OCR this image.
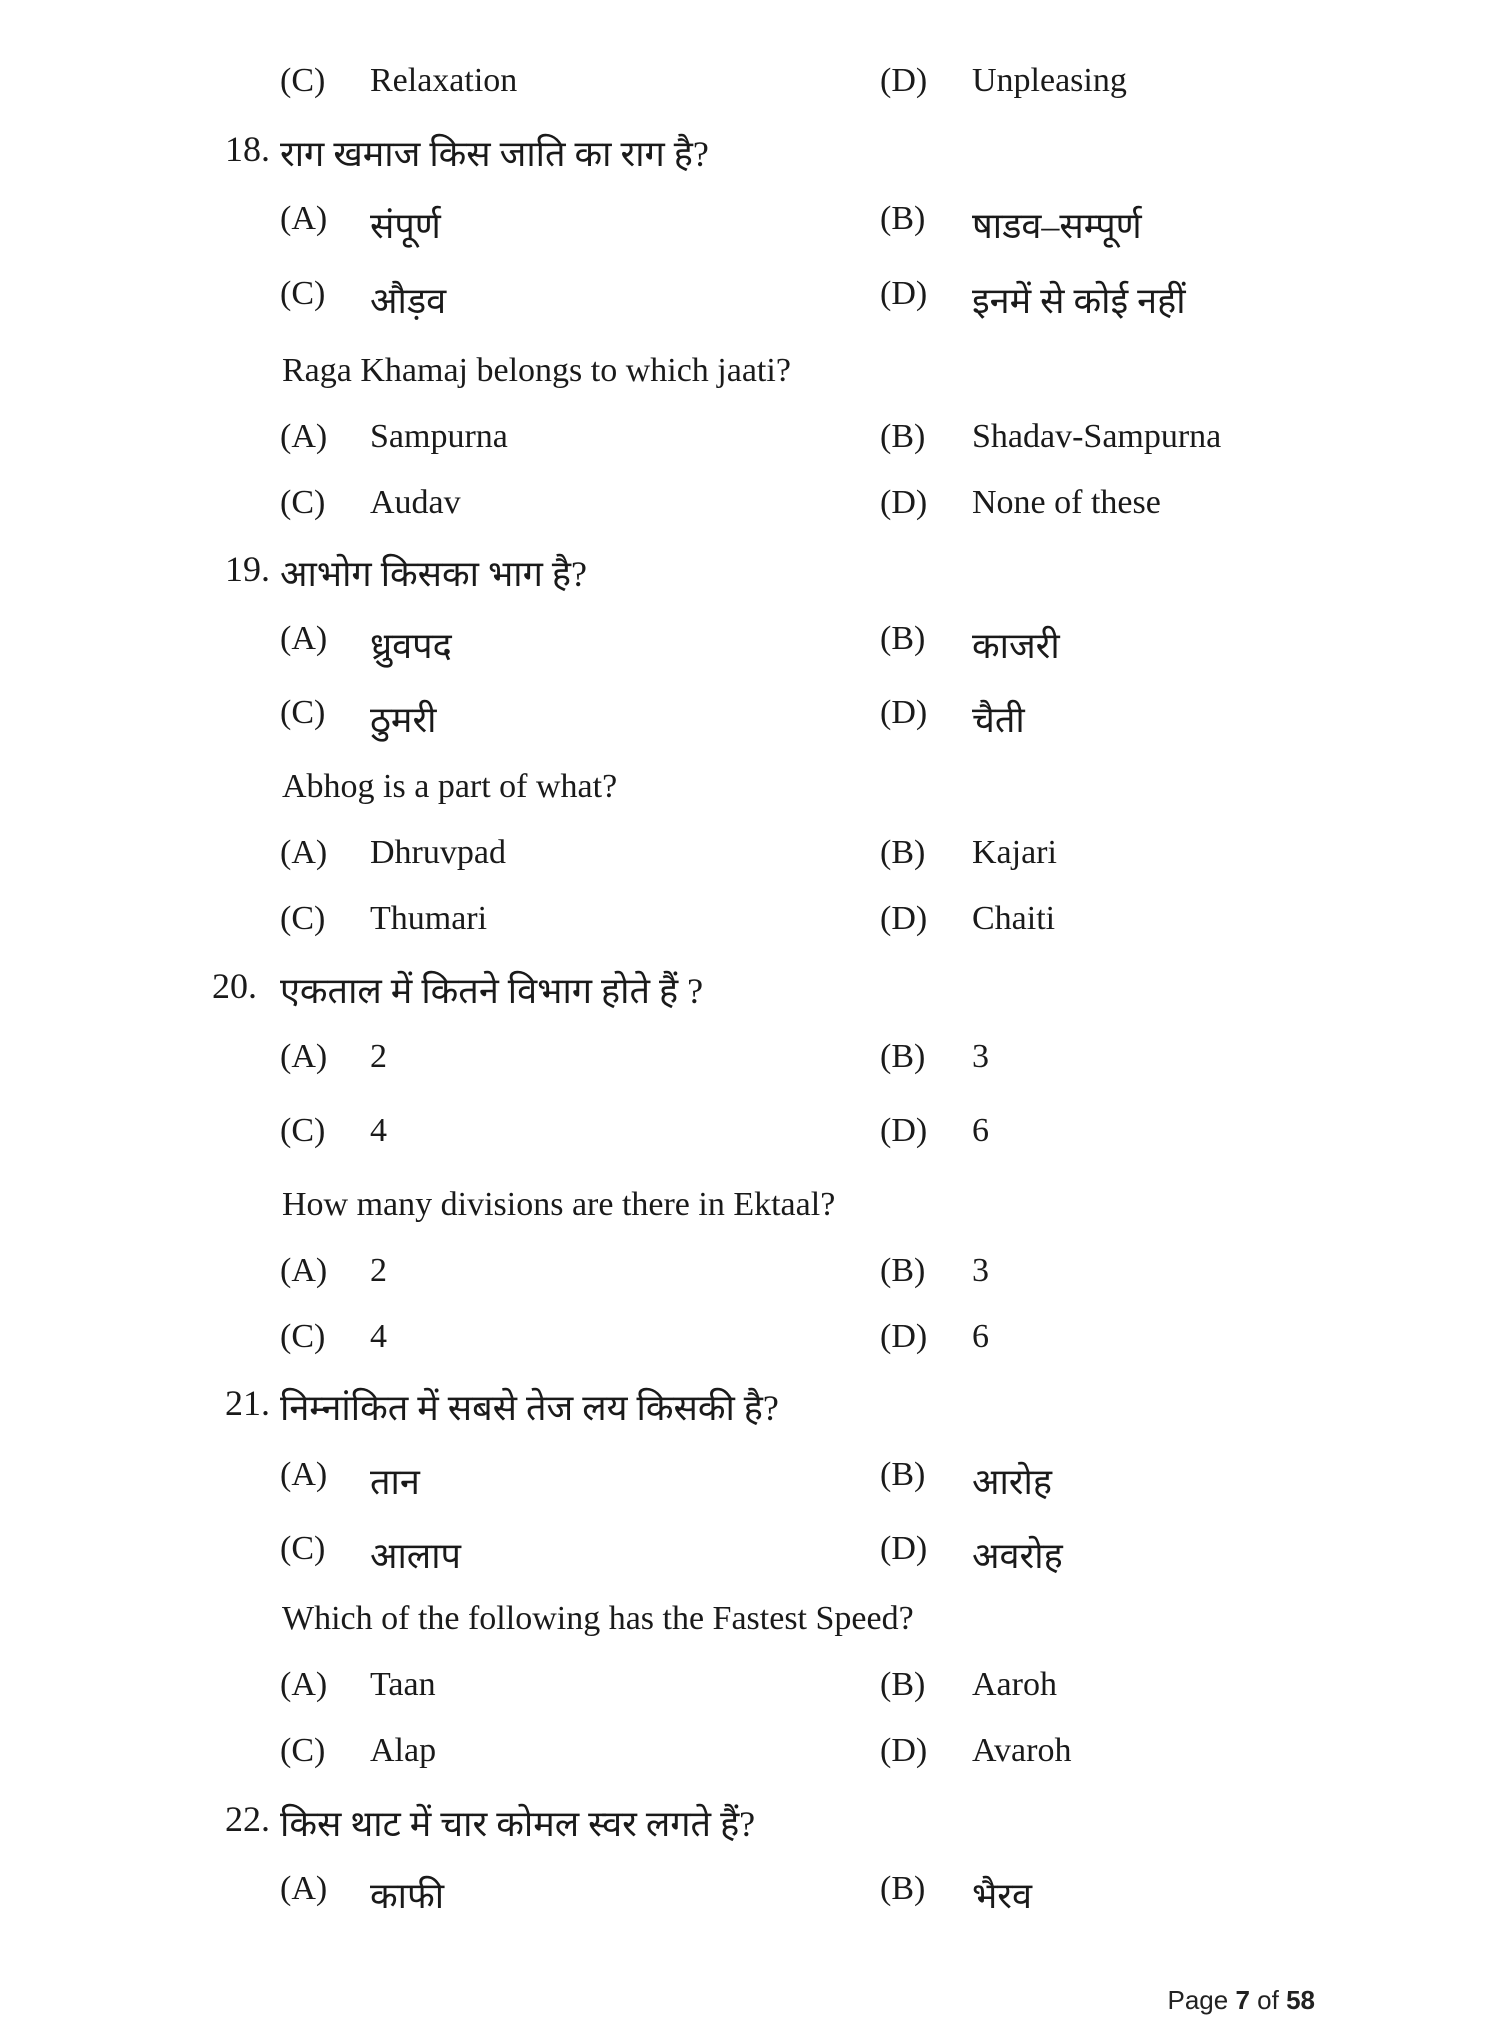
(C) Relaxation	(D) Unpleasing
18. राग खमाज किस जाति का राग है?
(A) संपूर्ण	(B) षाडव–सम्पूर्ण
(C) औड़व	(D) इनमें से कोई नहीं
Raga Khamaj belongs to which jaati?
(A) Sampurna	(B) Shadav-Sampurna
(C) Audav	(D) None of these
19. आभोग किसका भाग है?
(A) ध्रुवपद	(B) काजरी
(C) ठुमरी	(D) चैती
Abhog is a part of what?
(A) Dhruvpad	(B) Kajari
(C) Thumari	(D) Chaiti
20. एकताल में कितने विभाग होते हैं ?
(A) 2	(B) 3
(C) 4	(D) 6
How many divisions are there in Ektaal?
(A) 2	(B) 3
(C) 4	(D) 6
21. निम्नांकित में सबसे तेज लय किसकी है?
(A) तान	(B) आरोह
(C) आलाप	(D) अवरोह
Which of the following has the Fastest Speed?
(A) Taan	(B) Aaroh
(C) Alap	(D) Avaroh
22. किस थाट में चार कोमल स्वर लगते हैं?
(A) काफी	(B) भैरव
Page 7 of 58
